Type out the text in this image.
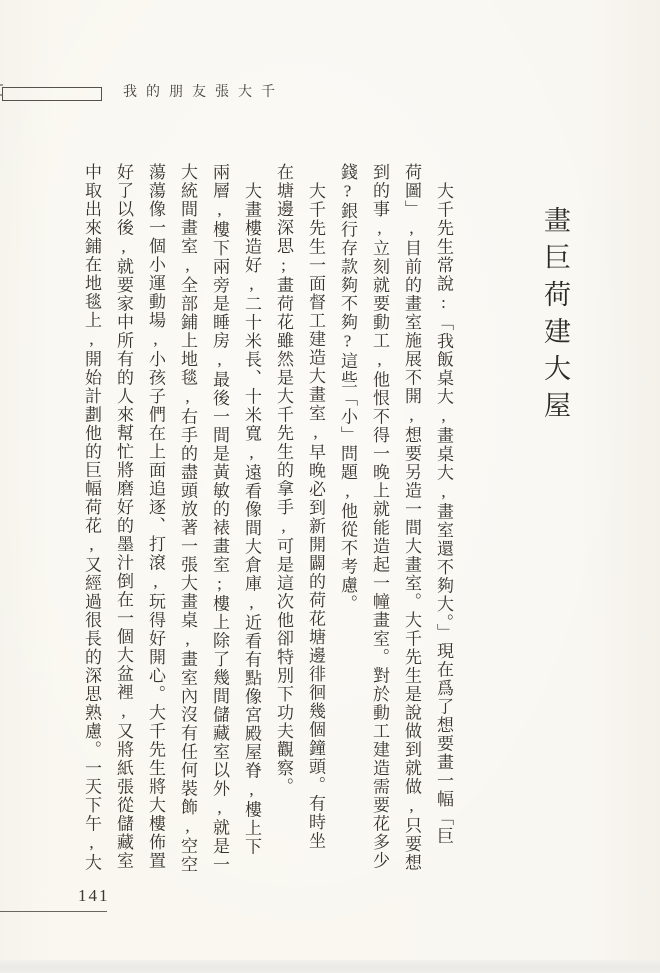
我的朋友張大千
畫巨荷建大屋
大千先生常說:「我飯桌大,畫桌大,畫室還不夠大。」現在爲了想要畫一幅「巨
荷圖」,目前的畫室施展不開,想要另造一間大畫室。大千先生是說做到就做,只要想
到的事,立刻就要動工,他恨不得一晚上就能造起一幢畫室。對於動工建造需要花多少
錢?銀行存款夠不夠?這些「小」問題,他從不考慮。
大千先生一面督工建造大畫室,早晚必到新開闢的荷花塘邊徘徊幾個鐘頭。有時坐
在塘邊深思;畫荷花雖然是大千先生的拿手,可是這次他卻特別下功夫觀察。
大畫樓造好,二十米長、十米寬,遠看像間大倉庫,近看有點像宮殿屋脊,樓上下
兩層,樓下兩旁是睡房,最後一間是黃敏的裱畫室;樓上除了幾間儲藏室以外,就是一
大統間畫室,全部鋪上地毯,右手的盡頭放著一張大畫桌,畫室內沒有任何裝飾,空空
蕩蕩像一個小運動場,小孩子們在上面追逐、打滾,玩得好開心。大千先生將大樓佈置
好了以後,就要家中所有的人來幫忙將磨好的墨汁倒在一個大盆裡,又將紙張從儲藏室
中取出來鋪在地毯上,開始計劃他的巨幅荷花,又經過很長的深思熟慮。一天下午,大
141
